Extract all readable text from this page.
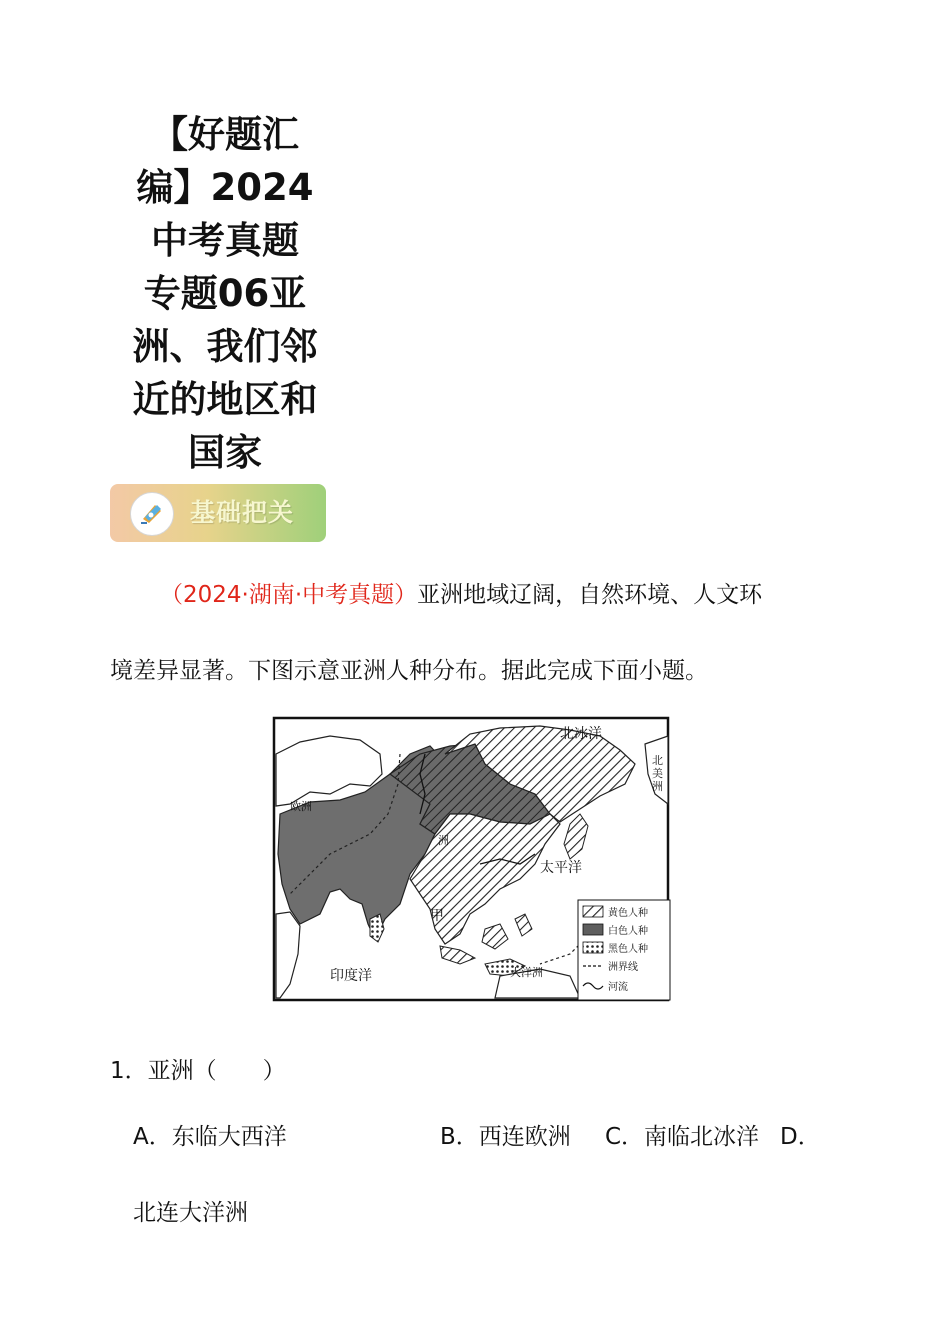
【好题汇
编】2024
中考真题
专题06亚
洲、我们邻
近的地区和
国家
基础把关
（2024·湖南·中考真题）亚洲地域辽阔，自然环境、人文环
境差异显著。下图示意亚洲人种分布。据此完成下面小题。
北冰洋
欧洲
洲
太平洋
甲
印度洋	大洋洲
北美洲
黄色人种
白色人种
黑色人种
洲界线
河流
1．亚洲（　　）
A．东临大西洋	B．西连欧洲 C．南临北冰洋 D．
北连大洋洲
